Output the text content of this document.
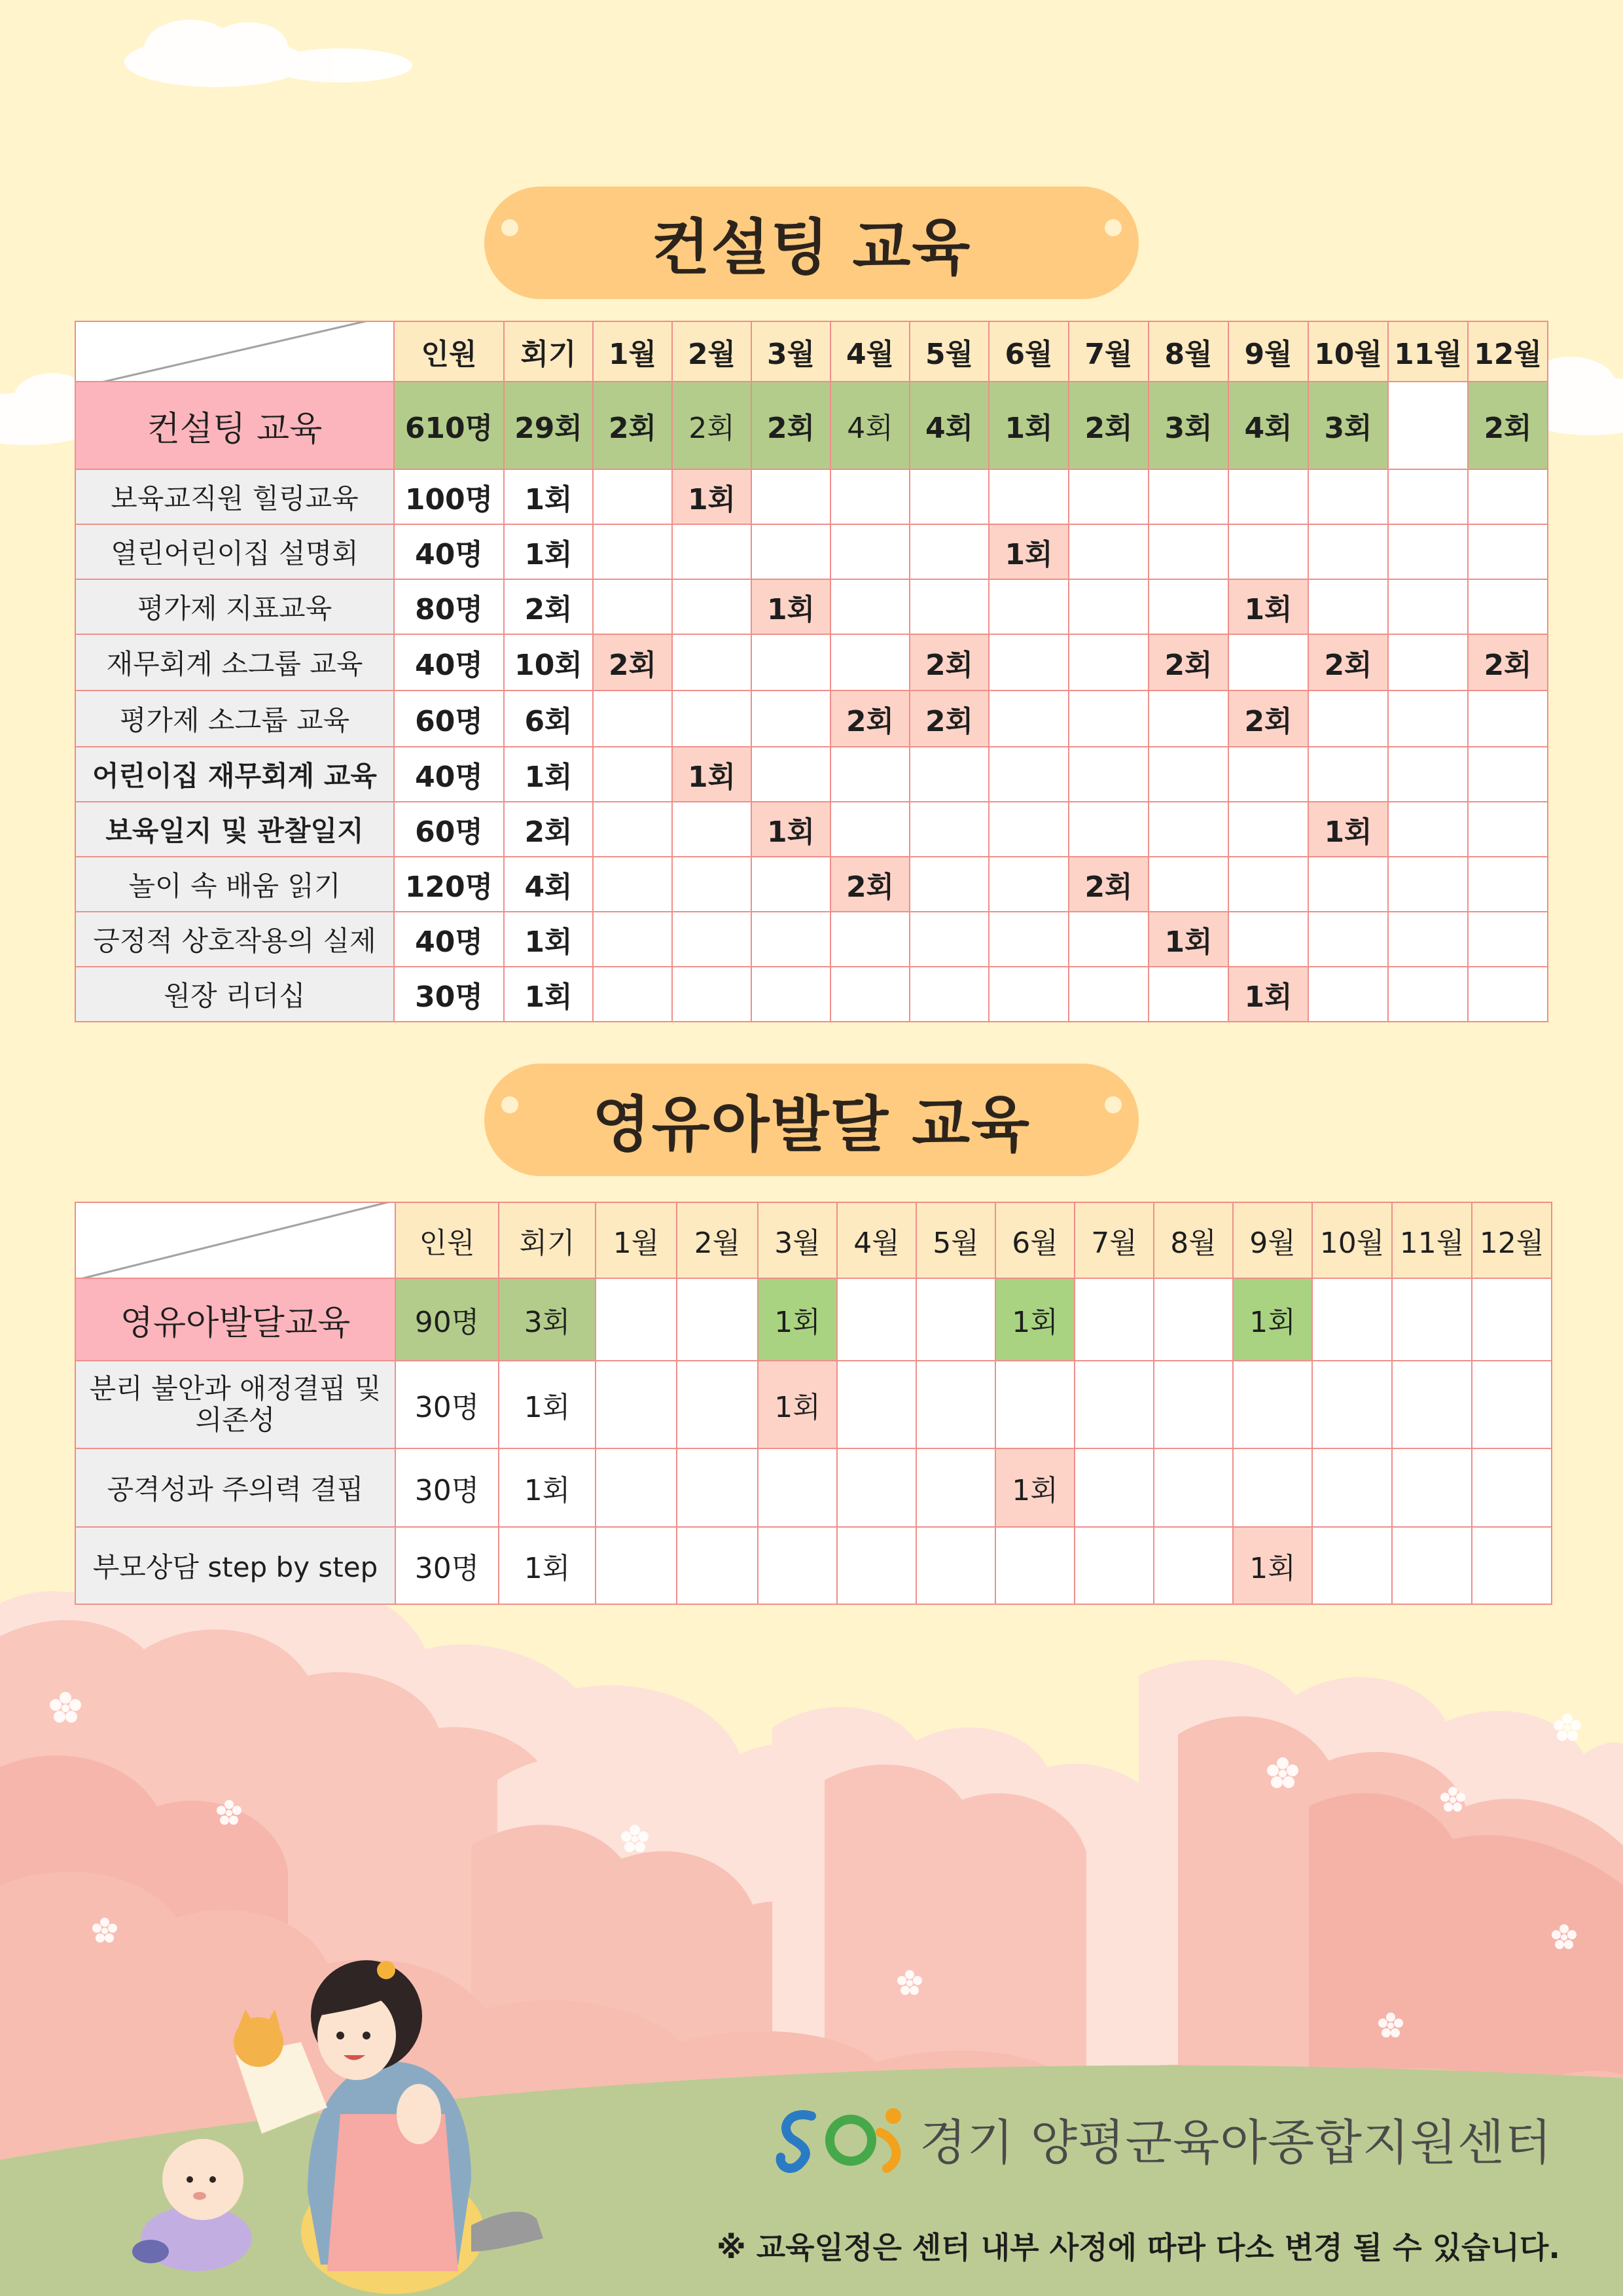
컨설팅 교육
	인원	회기	1월	2월	3월	4월	5월	6월	7월	8월	9월	10월	11월	12월
컨설팅 교육	610명	29회	2회	2회	2회	4회	4회	1회	2회	3회	4회	3회		2회
보육교직원 힐링교육	100명	1회		1회										
열린어린이집 설명회	40명	1회						1회						
평가제 지표교육	80명	2회			1회						1회			
재무회계 소그룹 교육	40명	10회	2회				2회			2회		2회		2회
평가제 소그룹 교육	60명	6회				2회	2회				2회			
어린이집 재무회계 교육	40명	1회		1회										
보육일지 및 관찰일지	60명	2회			1회							1회		
놀이 속 배움 읽기	120명	4회				2회			2회					
긍정적 상호작용의 실제	40명	1회								1회				
원장 리더십	30명	1회									1회			
영유아발달 교육
	인원	회기	1월	2월	3월	4월	5월	6월	7월	8월	9월	10월	11월	12월
영유아발달교육	90명	3회			1회			1회			1회			
분리 불안과 애정결핍 및 의존성	30명	1회			1회									
공격성과 주의력 결핍	30명	1회						1회						
부모상담 step by step	30명	1회									1회			
경기 양평군육아종합지원센터
※ 교육일정은 센터 내부 사정에 따라 다소 변경 될 수 있습니다.
